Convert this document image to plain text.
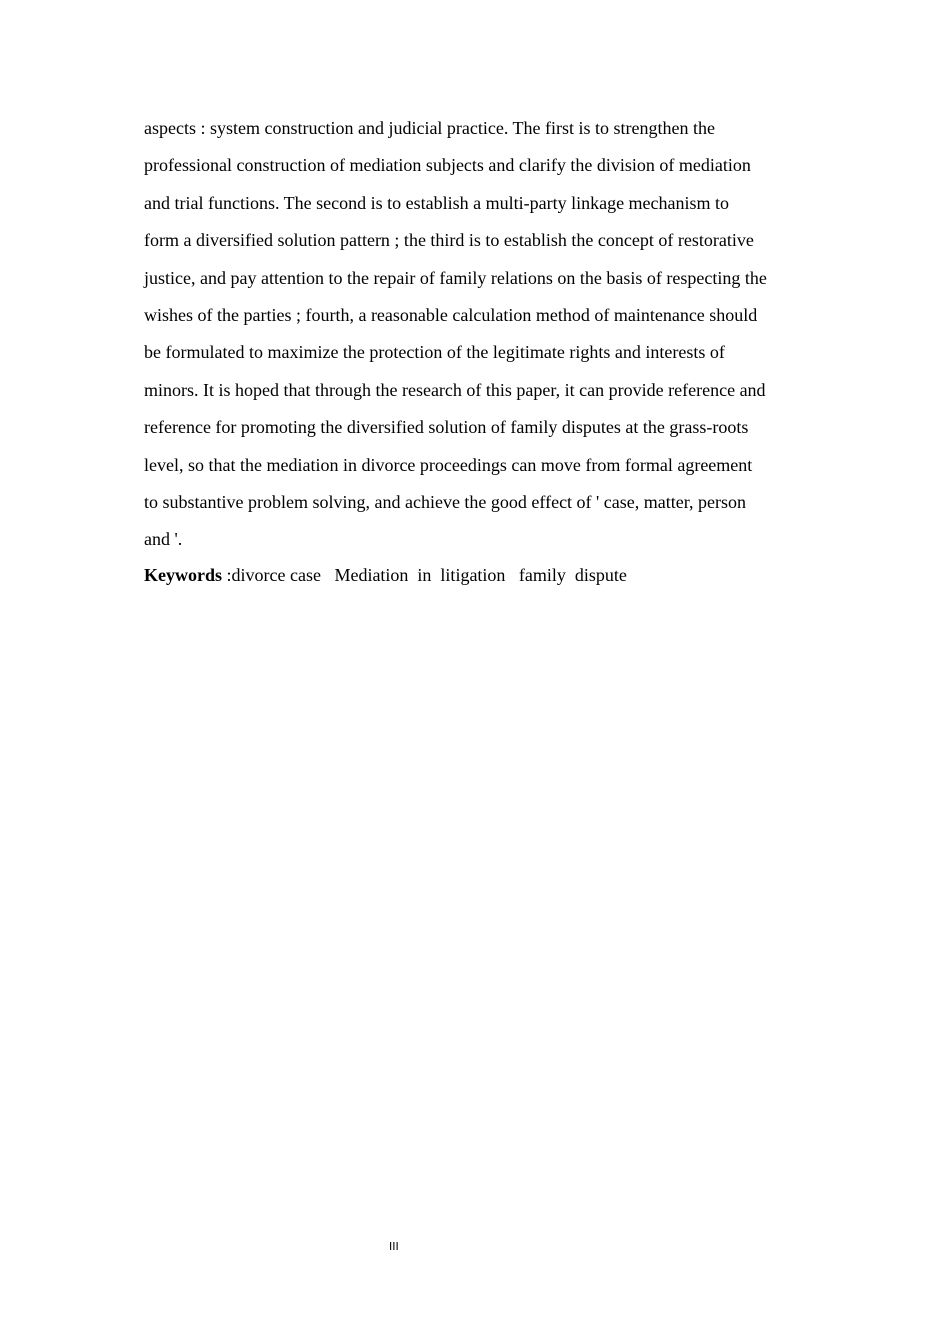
aspects : system construction and judicial practice. The first is to strengthen the
professional construction of mediation subjects and clarify the division of mediation
and trial functions. The second is to establish a multi-party linkage mechanism to
form a diversified solution pattern ; the third is to establish the concept of restorative
justice, and pay attention to the repair of family relations on the basis of respecting the
wishes of the parties ; fourth, a reasonable calculation method of maintenance should
be formulated to maximize the protection of the legitimate rights and interests of
minors. It is hoped that through the research of this paper, it can provide reference and
reference for promoting the diversified solution of family disputes at the grass-roots
level, so that the mediation in divorce proceedings can move from formal agreement
to substantive problem solving, and achieve the good effect of ' case, matter, person
and '.
Keywords :divorce case   Mediation  in  litigation   family  dispute
III
